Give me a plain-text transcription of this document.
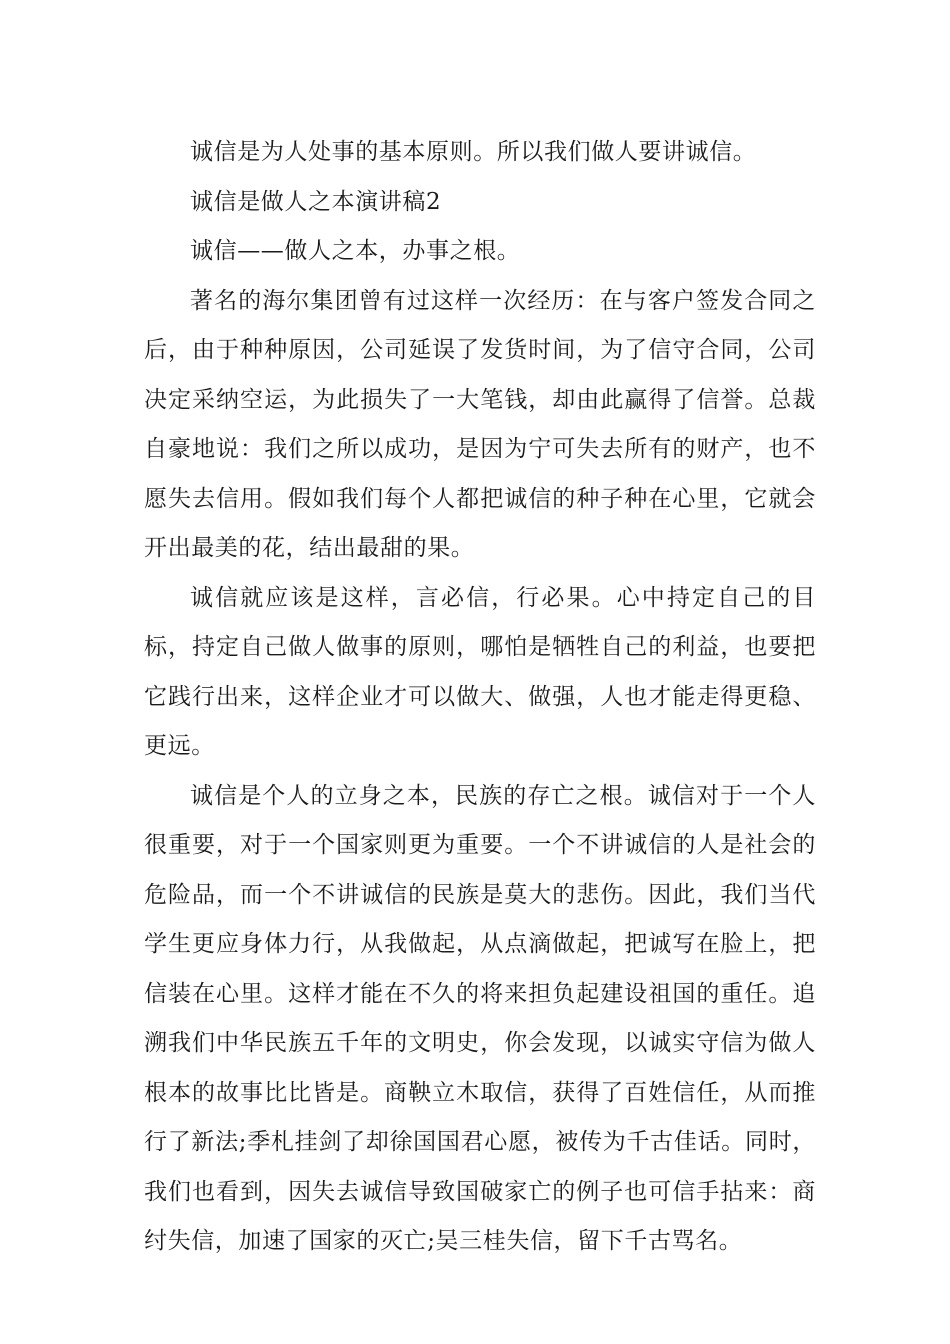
诚信是为人处事的基本原则。所以我们做人要讲诚信。

诚信是做人之本演讲稿2

诚信——做人之本，办事之根。

著名的海尔集团曾有过这样一次经历：在与客户签发合同之后，由于种种原因，公司延误了发货时间，为了信守合同，公司决定采纳空运，为此损失了一大笔钱，却由此赢得了信誉。总裁自豪地说：我们之所以成功，是因为宁可失去所有的财产，也不愿失去信用。假如我们每个人都把诚信的种子种在心里，它就会开出最美的花，结出最甜的果。

诚信就应该是这样，言必信，行必果。心中持定自己的目标，持定自己做人做事的原则，哪怕是牺牲自己的利益，也要把它践行出来，这样企业才可以做大、做强，人也才能走得更稳、更远。

诚信是个人的立身之本，民族的存亡之根。诚信对于一个人很重要，对于一个国家则更为重要。一个不讲诚信的人是社会的危险品，而一个不讲诚信的民族是莫大的悲伤。因此，我们当代学生更应身体力行，从我做起，从点滴做起，把诚写在脸上，把信装在心里。这样才能在不久的将来担负起建设祖国的重任。追溯我们中华民族五千年的文明史，你会发现，以诚实守信为做人根本的故事比比皆是。商鞅立木取信，获得了百姓信任，从而推行了新法;季札挂剑了却徐国国君心愿，被传为千古佳话。同时，我们也看到，因失去诚信导致国破家亡的例子也可信手拈来：商纣失信，加速了国家的灭亡;吴三桂失信，留下千古骂名。
